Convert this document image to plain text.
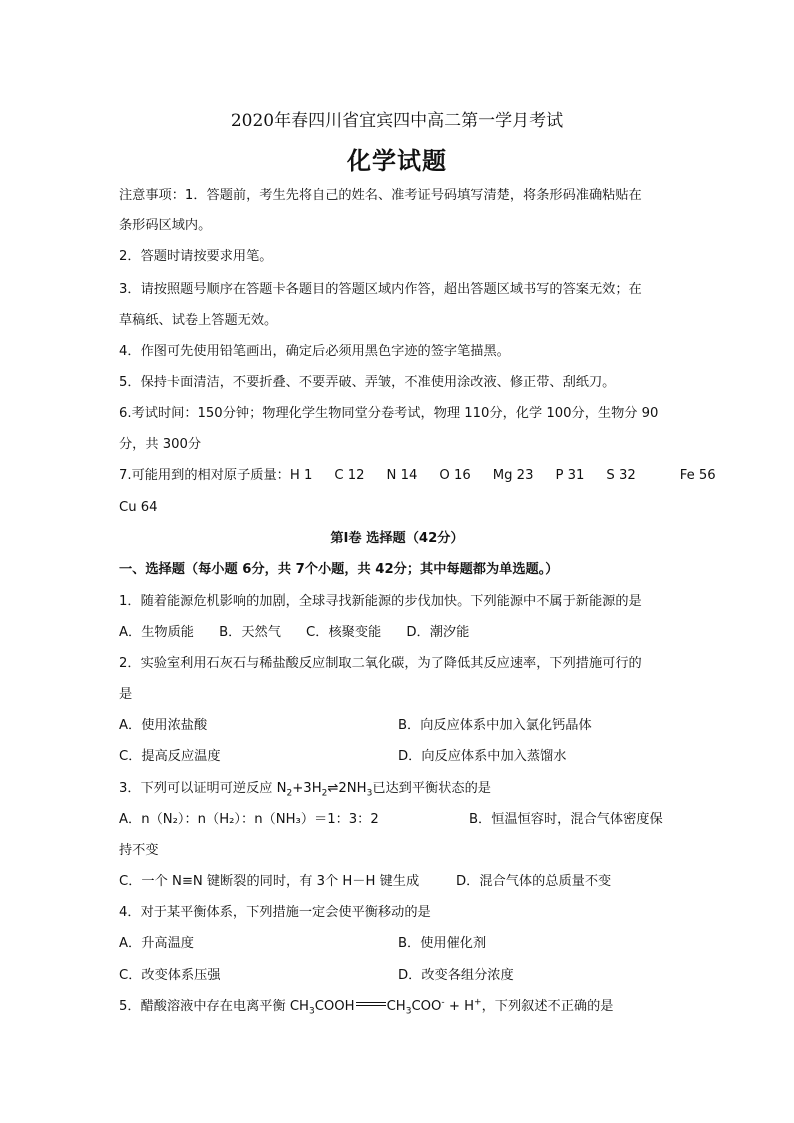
2020年春四川省宜宾四中高二第一学月考试
化学试题
注意事项：1．答题前，考生先将自己的姓名、准考证号码填写清楚，将条形码准确粘贴在
条形码区域内。
2．答题时请按要求用笔。
3．请按照题号顺序在答题卡各题目的答题区域内作答，超出答题区域书写的答案无效；在
草稿纸、试卷上答题无效。
4．作图可先使用铅笔画出，确定后必须用黑色字迹的签字笔描黑。
5．保持卡面清洁，不要折叠、不要弄破、弄皱，不准使用涂改液、修正带、刮纸刀。
6.考试时间：150分钟；物理化学生物同堂分卷考试，物理 110分，化学 100分，生物分 90
分，共 300分
7.可能用到的相对原子质量：H 1 C 12 N 14 O 16 Mg 23 P 31 S 32	Fe 56
Cu 64
第Ⅰ卷 选择题（42分）
一、选择题（每小题 6分，共 7个小题，共 42分；其中每题都为单选题。）
1．随着能源危机影响的加剧，全球寻找新能源的步伐加快。下列能源中不属于新能源的是
A．生物质能      B．天然气      C．核聚变能      D．潮汐能
2．实验室利用石灰石与稀盐酸反应制取二氧化碳，为了降低其反应速率，下列措施可行的
是
A．使用浓盐酸	B．向反应体系中加入氯化钙晶体
C．提高反应温度	D．向反应体系中加入蒸馏水
3．下列可以证明可逆反应 $N_2+3H_2\rightleftharpoons 2NH_3$已达到平衡状态的是
A．n（N₂）：n（H₂）：n（NH₃）＝1：3：2	B．恒温恒容时，混合气体密度保
持不变
C．一个 N≡N 键断裂的同时，有 3个 H－H 键生成	D．混合气体的总质量不变
4．对于某平衡体系，下列措施一定会使平衡移动的是
A．升高温度	B．使用催化剂
C．改变体系压强	D．改变各组分浓度
5．醋酸溶液中存在电离平衡 $CH_3COOH$ $CH_3COO^- + H^+$，下列叙述不正确的是
